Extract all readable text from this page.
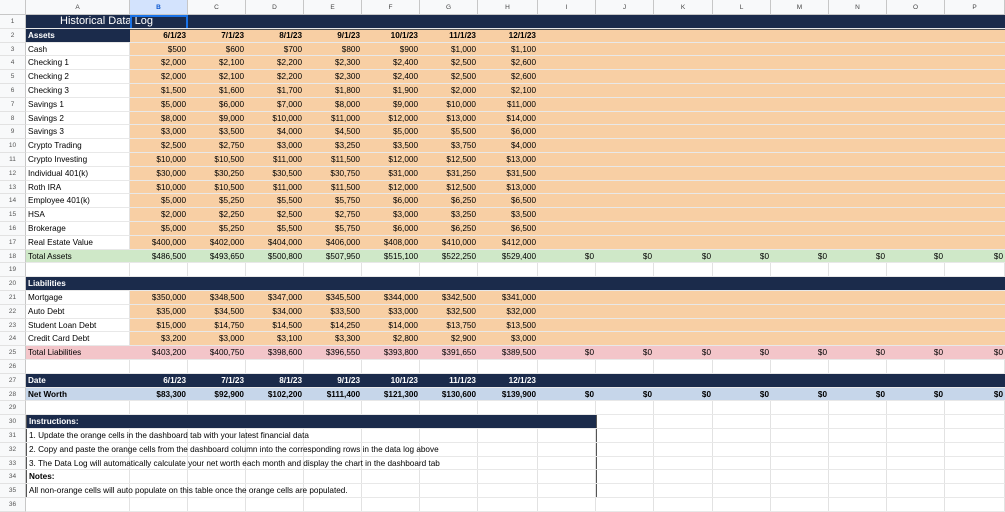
A	B	C	D	E	F	G	H	I	J	K	L	M	N	O	P
1	Historical Data Log
2	Assets	6/1/23	7/1/23	8/1/23	9/1/23	10/1/23	11/1/23	12/1/23
3	Cash	$500	$600	$700	$800	$900	$1,000	$1,100
4	Checking 1	$2,000	$2,100	$2,200	$2,300	$2,400	$2,500	$2,600
5	Checking 2	$2,000	$2,100	$2,200	$2,300	$2,400	$2,500	$2,600
6	Checking 3	$1,500	$1,600	$1,700	$1,800	$1,900	$2,000	$2,100
7	Savings 1	$5,000	$6,000	$7,000	$8,000	$9,000	$10,000	$11,000
8	Savings 2	$8,000	$9,000	$10,000	$11,000	$12,000	$13,000	$14,000
9	Savings 3	$3,000	$3,500	$4,000	$4,500	$5,000	$5,500	$6,000
10	Crypto Trading	$2,500	$2,750	$3,000	$3,250	$3,500	$3,750	$4,000
11	Crypto Investing	$10,000	$10,500	$11,000	$11,500	$12,000	$12,500	$13,000
12	Individual 401(k)	$30,000	$30,250	$30,500	$30,750	$31,000	$31,250	$31,500
13	Roth IRA	$10,000	$10,500	$11,000	$11,500	$12,000	$12,500	$13,000
14	Employee 401(k)	$5,000	$5,250	$5,500	$5,750	$6,000	$6,250	$6,500
15	HSA	$2,000	$2,250	$2,500	$2,750	$3,000	$3,250	$3,500
16	Brokerage	$5,000	$5,250	$5,500	$5,750	$6,000	$6,250	$6,500
17	Real Estate Value	$400,000	$402,000	$404,000	$406,000	$408,000	$410,000	$412,000
18	Total Assets	$486,500	$493,650	$500,800	$507,950	$515,100	$522,250	$529,400	$0	$0	$0	$0	$0	$0	$0	$0
19
20	Liabilities
21	Mortgage	$350,000	$348,500	$347,000	$345,500	$344,000	$342,500	$341,000
22	Auto Debt	$35,000	$34,500	$34,000	$33,500	$33,000	$32,500	$32,000
23	Student Loan Debt	$15,000	$14,750	$14,500	$14,250	$14,000	$13,750	$13,500
24	Credit Card Debt	$3,200	$3,000	$3,100	$3,300	$2,800	$2,900	$3,000
25	Total Liabilities	$403,200	$400,750	$398,600	$396,550	$393,800	$391,650	$389,500	$0	$0	$0	$0	$0	$0	$0	$0
26
27	Date	6/1/23	7/1/23	8/1/23	9/1/23	10/1/23	11/1/23	12/1/23
28	Net Worth	$83,300	$92,900	$102,200	$111,400	$121,300	$130,600	$139,900	$0	$0	$0	$0	$0	$0	$0	$0
29
30	Instructions:
31	1. Update the orange cells in the dashboard tab with your latest financial data
32	2. Copy and paste the orange cells from the dashboard column into the corresponding rows in the data log above
33	3. The Data Log will automatically calculate your net worth each month and display the chart in the dashboard tab
34	Notes:
35	All non-orange cells will auto populate on this table once the orange cells are populated.
36
